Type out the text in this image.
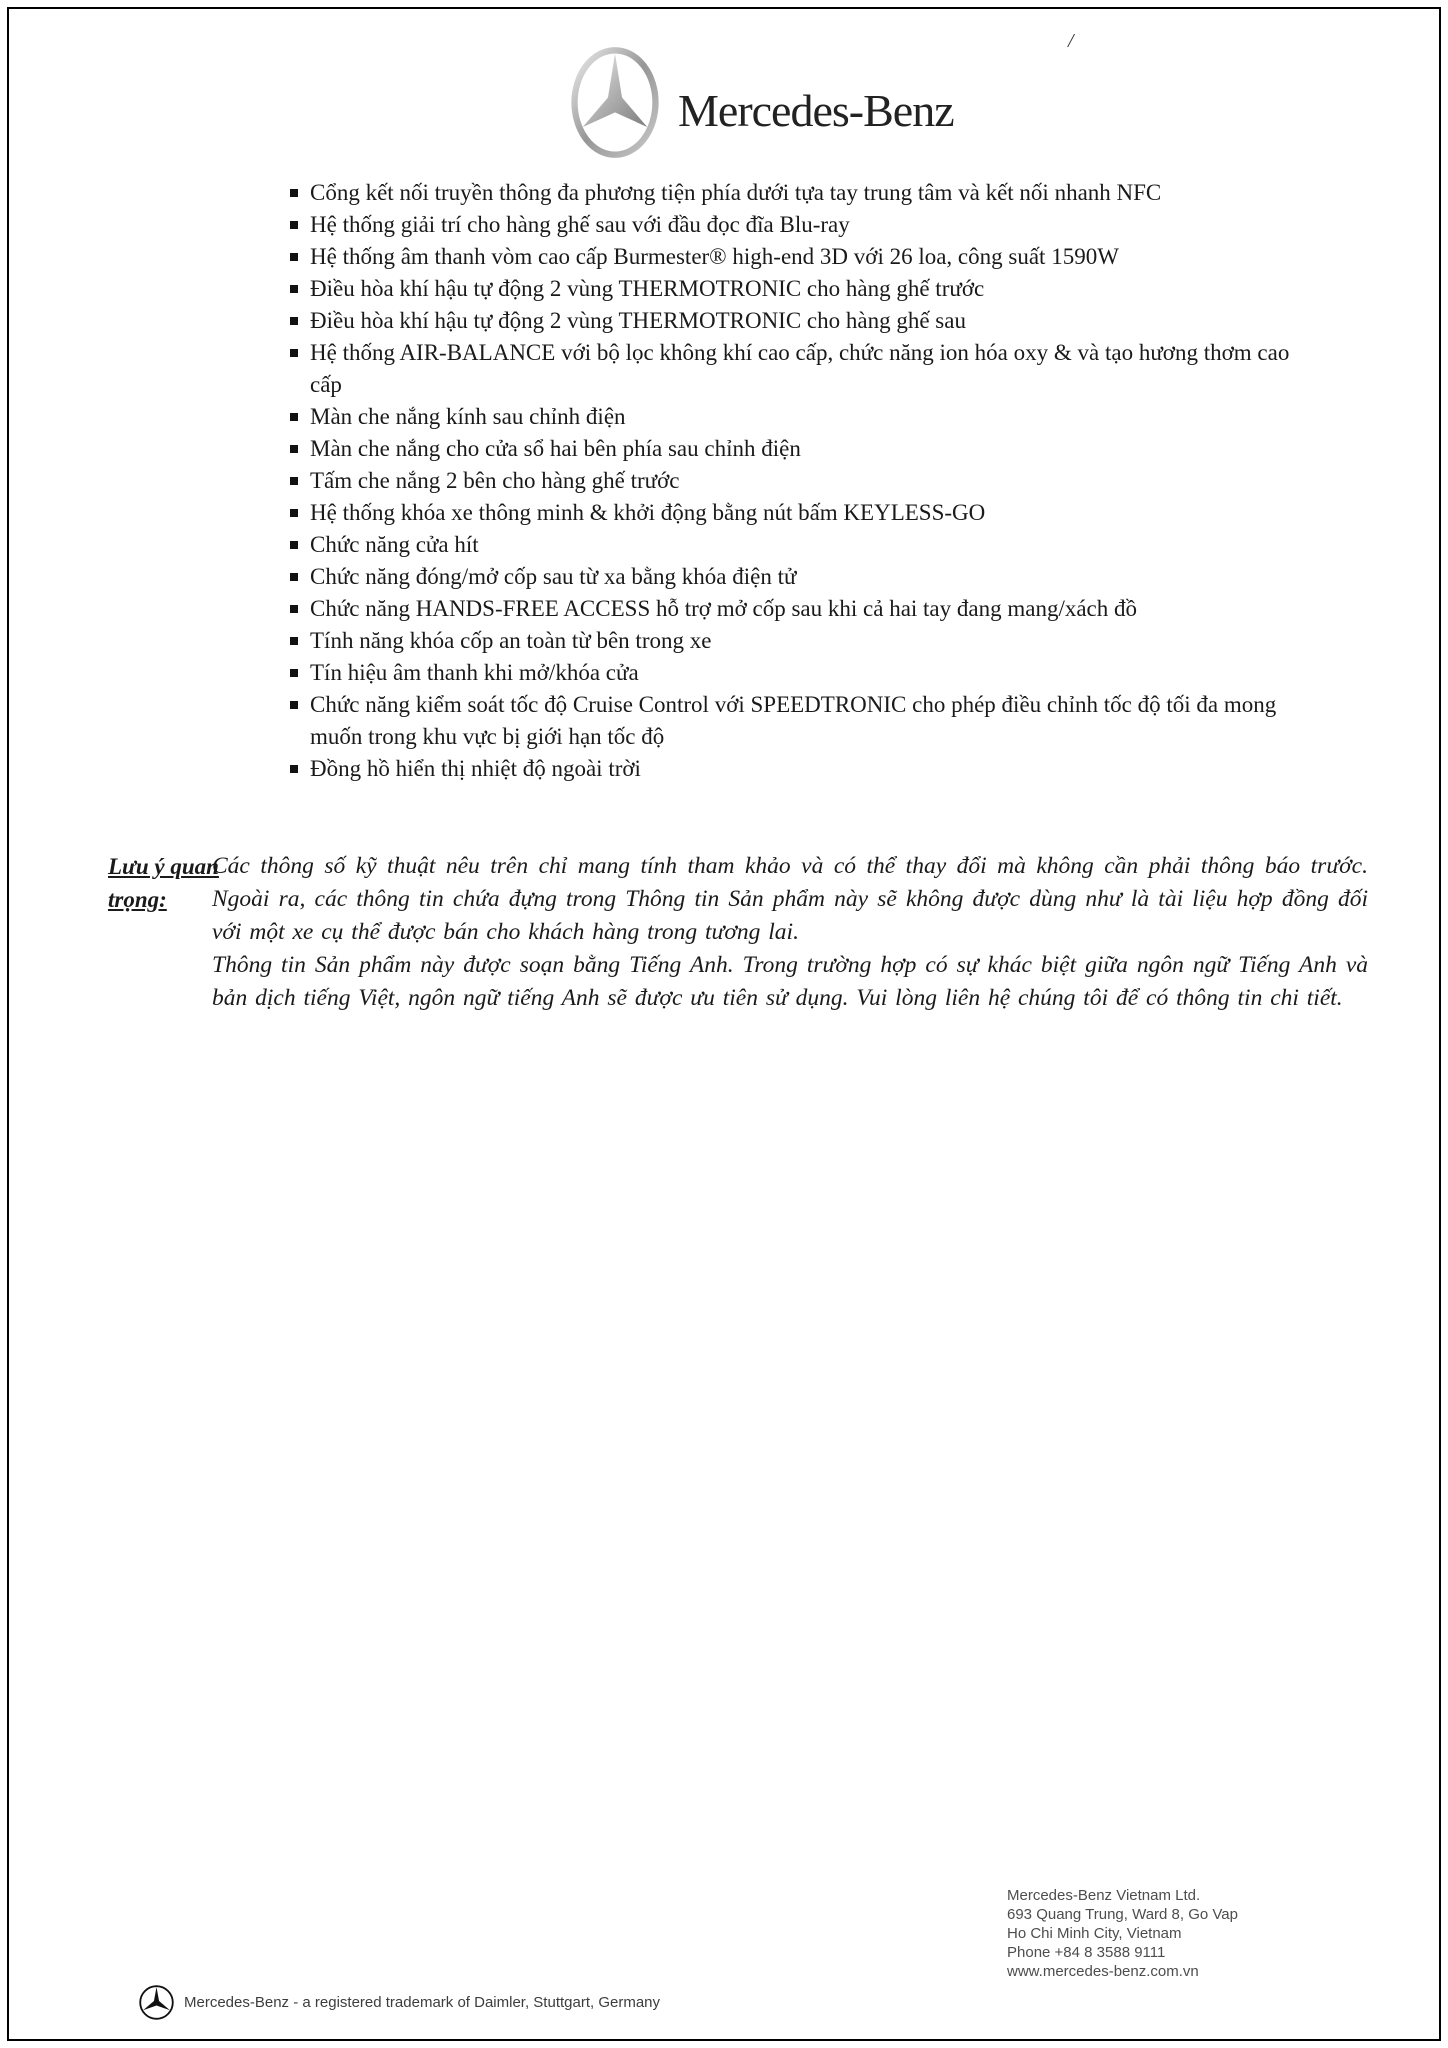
/
Mercedes-Benz
Cổng kết nối truyền thông đa phương tiện phía dưới tựa tay trung tâm và kết nối nhanh NFC
Hệ thống giải trí cho hàng ghế sau với đầu đọc đĩa Blu-ray
Hệ thống âm thanh vòm cao cấp Burmester® high-end 3D với 26 loa, công suất 1590W
Điều hòa khí hậu tự động 2 vùng THERMOTRONIC cho hàng ghế trước
Điều hòa khí hậu tự động 2 vùng THERMOTRONIC cho hàng ghế sau
Hệ thống AIR-BALANCE với bộ lọc không khí cao cấp, chức năng ion hóa oxy & và tạo hương thơm cao cấp
Màn che nắng kính sau chỉnh điện
Màn che nắng cho cửa sổ hai bên phía sau chỉnh điện
Tấm che nắng 2 bên cho hàng ghế trước
Hệ thống khóa xe thông minh & khởi động bằng nút bấm KEYLESS-GO
Chức năng cửa hít
Chức năng đóng/mở cốp sau từ xa bằng khóa điện tử
Chức năng HANDS-FREE ACCESS hỗ trợ mở cốp sau khi cả hai tay đang mang/xách đồ
Tính năng khóa cốp an toàn từ bên trong xe
Tín hiệu âm thanh khi mở/khóa cửa
Chức năng kiểm soát tốc độ Cruise Control với SPEEDTRONIC cho phép điều chỉnh tốc độ tối đa mong muốn trong khu vực bị giới hạn tốc độ
Đồng hồ hiển thị nhiệt độ ngoài trời
Lưu ý quan trọng:

Các thông số kỹ thuật nêu trên chỉ mang tính tham khảo và có thể thay đổi mà không cần phải thông báo trước. Ngoài ra, các thông tin chứa đựng trong Thông tin Sản phẩm này sẽ không được dùng như là tài liệu hợp đồng đối với một xe cụ thể được bán cho khách hàng trong tương lai.

Thông tin Sản phẩm này được soạn bằng Tiếng Anh. Trong trường hợp có sự khác biệt giữa ngôn ngữ Tiếng Anh và bản dịch tiếng Việt, ngôn ngữ tiếng Anh sẽ được ưu tiên sử dụng. Vui lòng liên hệ chúng tôi để có thông tin chi tiết.

Mercedes-Benz Vietnam Ltd.
693 Quang Trung, Ward 8, Go Vap
Ho Chi Minh City, Vietnam
Phone +84 8 3588 9111
www.mercedes-benz.com.vn
Mercedes-Benz - a registered trademark of Daimler, Stuttgart, Germany
